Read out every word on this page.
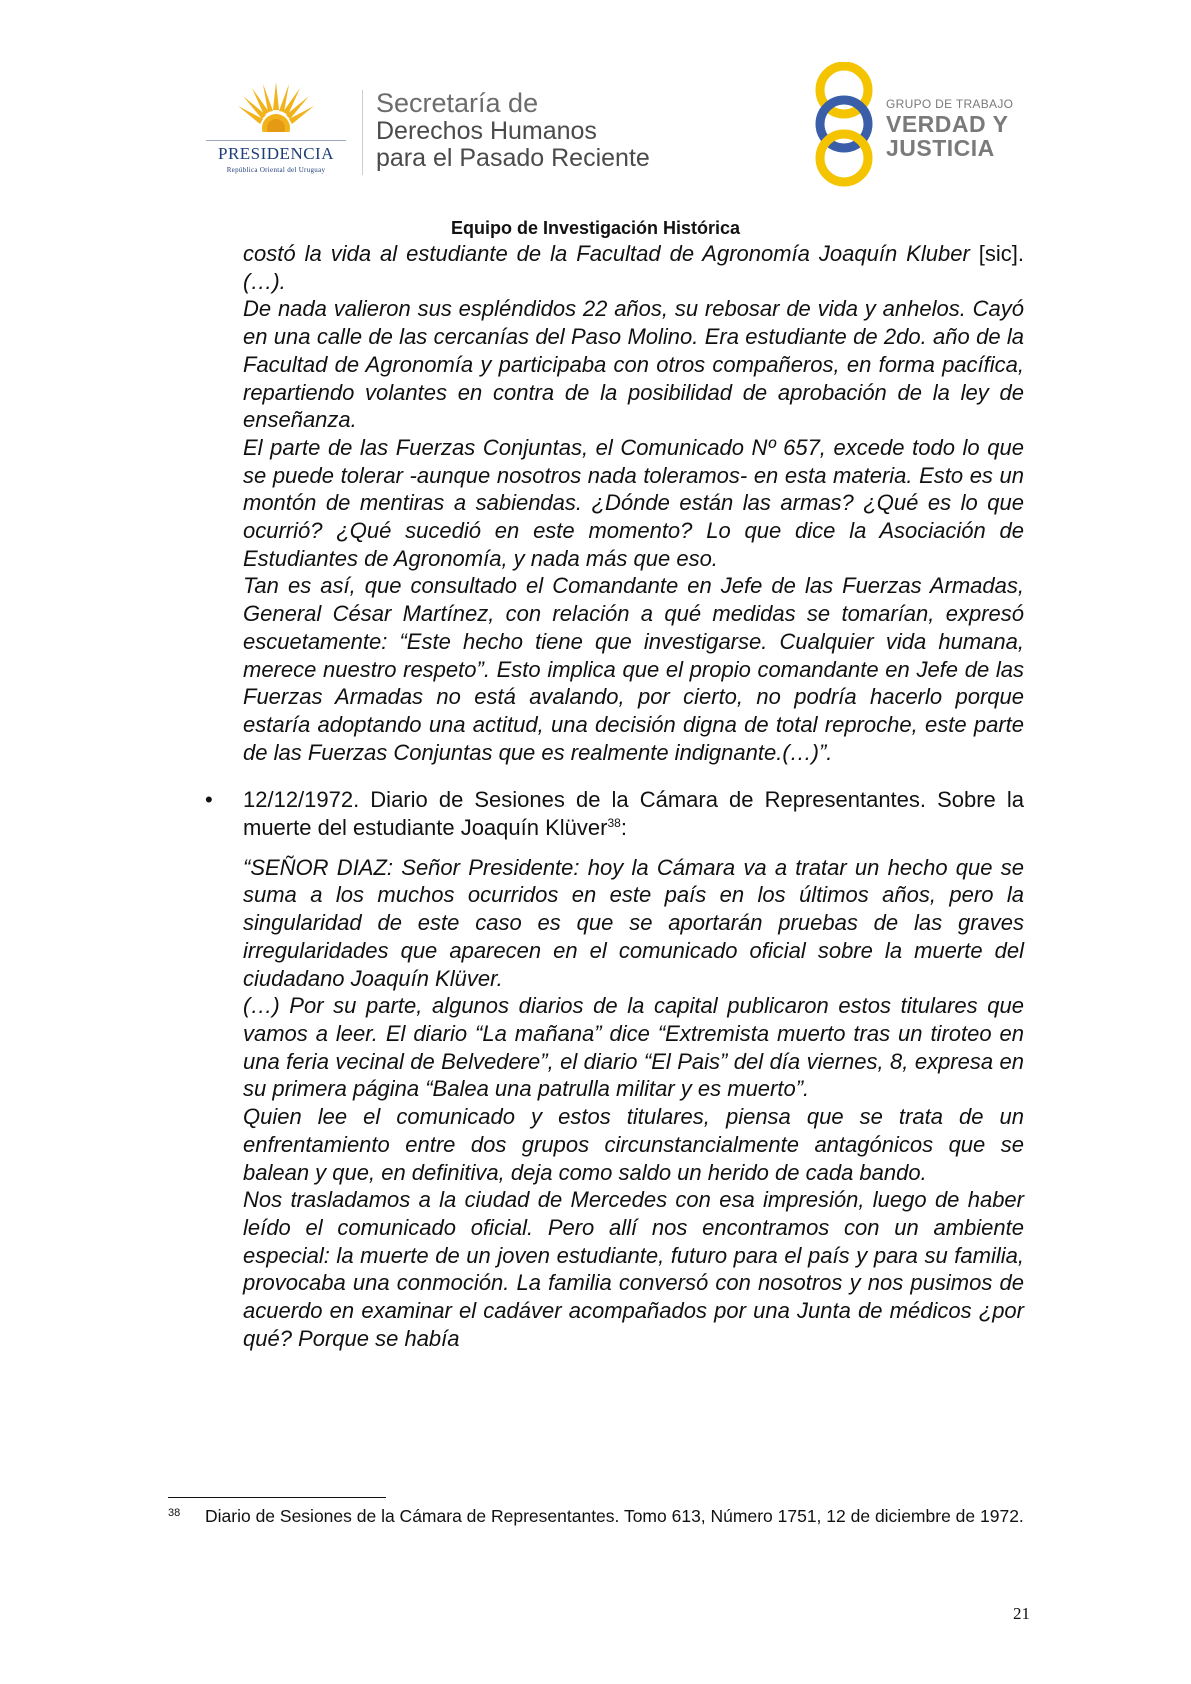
PRESIDENCIA
República Oriental del Uruguay
Secretaría de
Derechos Humanos
para el Pasado Reciente
GRUPO DE TRABAJO
VERDAD Y
JUSTICIA
Equipo de Investigación Histórica

costó la vida al estudiante de la Facultad de Agronomía Joaquín Kluber [sic]. (…).

De nada valieron sus espléndidos 22 años, su rebosar de vida y anhelos. Cayó en una calle de las cercanías del Paso Molino. Era estudiante de 2do. año de la Facultad de Agronomía y participaba con otros compañeros, en forma pacífica, repartiendo volantes en contra de la posibilidad de aprobación de la ley de enseñanza.

El parte de las Fuerzas Conjuntas, el Comunicado Nº 657, excede todo lo que se puede tolerar -aunque nosotros nada toleramos- en esta materia. Esto es un montón de mentiras a sabiendas. ¿Dónde están las armas? ¿Qué es lo que ocurrió? ¿Qué sucedió en este momento? Lo que dice la Asociación de Estudiantes de Agronomía, y nada más que eso.

Tan es así, que consultado el Comandante en Jefe de las Fuerzas Armadas, General César Martínez, con relación a qué medidas se tomarían, expresó escuetamente: “Este hecho tiene que investigarse. Cualquier vida humana, merece nuestro respeto”. Esto implica que el propio comandante en Jefe de las Fuerzas Armadas no está avalando, por cierto, no podría hacerlo porque estaría adoptando una actitud, una decisión digna de total reproche, este parte de las Fuerzas Conjuntas que es realmente indignante.(…)”.

• 12/12/1972. Diario de Sesiones de la Cámara de Representantes. Sobre la muerte del estudiante Joaquín Klüver$^{38}$:

“SEÑOR DIAZ: Señor Presidente: hoy la Cámara va a tratar un hecho que se suma a los muchos ocurridos en este país en los últimos años, pero la singularidad de este caso es que se aportarán pruebas de las graves irregularidades que aparecen en el comunicado oficial sobre la muerte del ciudadano Joaquín Klüver.

(…) Por su parte, algunos diarios de la capital publicaron estos titulares que vamos a leer. El diario “La mañana” dice “Extremista muerto tras un tiroteo en una feria vecinal de Belvedere”, el diario “El Pais” del día viernes, 8, expresa en su primera página “Balea una patrulla militar y es muerto”.

Quien lee el comunicado y estos titulares, piensa que se trata de un enfrentamiento entre dos grupos circunstancialmente antagónicos que se balean y que, en definitiva, deja como saldo un herido de cada bando.

Nos trasladamos a la ciudad de Mercedes con esa impresión, luego de haber leído el comunicado oficial. Pero allí nos encontramos con un ambiente especial: la muerte de un joven estudiante, futuro para el país y para su familia, provocaba una conmoción. La familia conversó con nosotros y nos pusimos de acuerdo en examinar el cadáver acompañados por una Junta de médicos ¿por qué? Porque se había

38 Diario de Sesiones de la Cámara de Representantes. Tomo 613, Número 1751, 12 de diciembre de 1972.

21
